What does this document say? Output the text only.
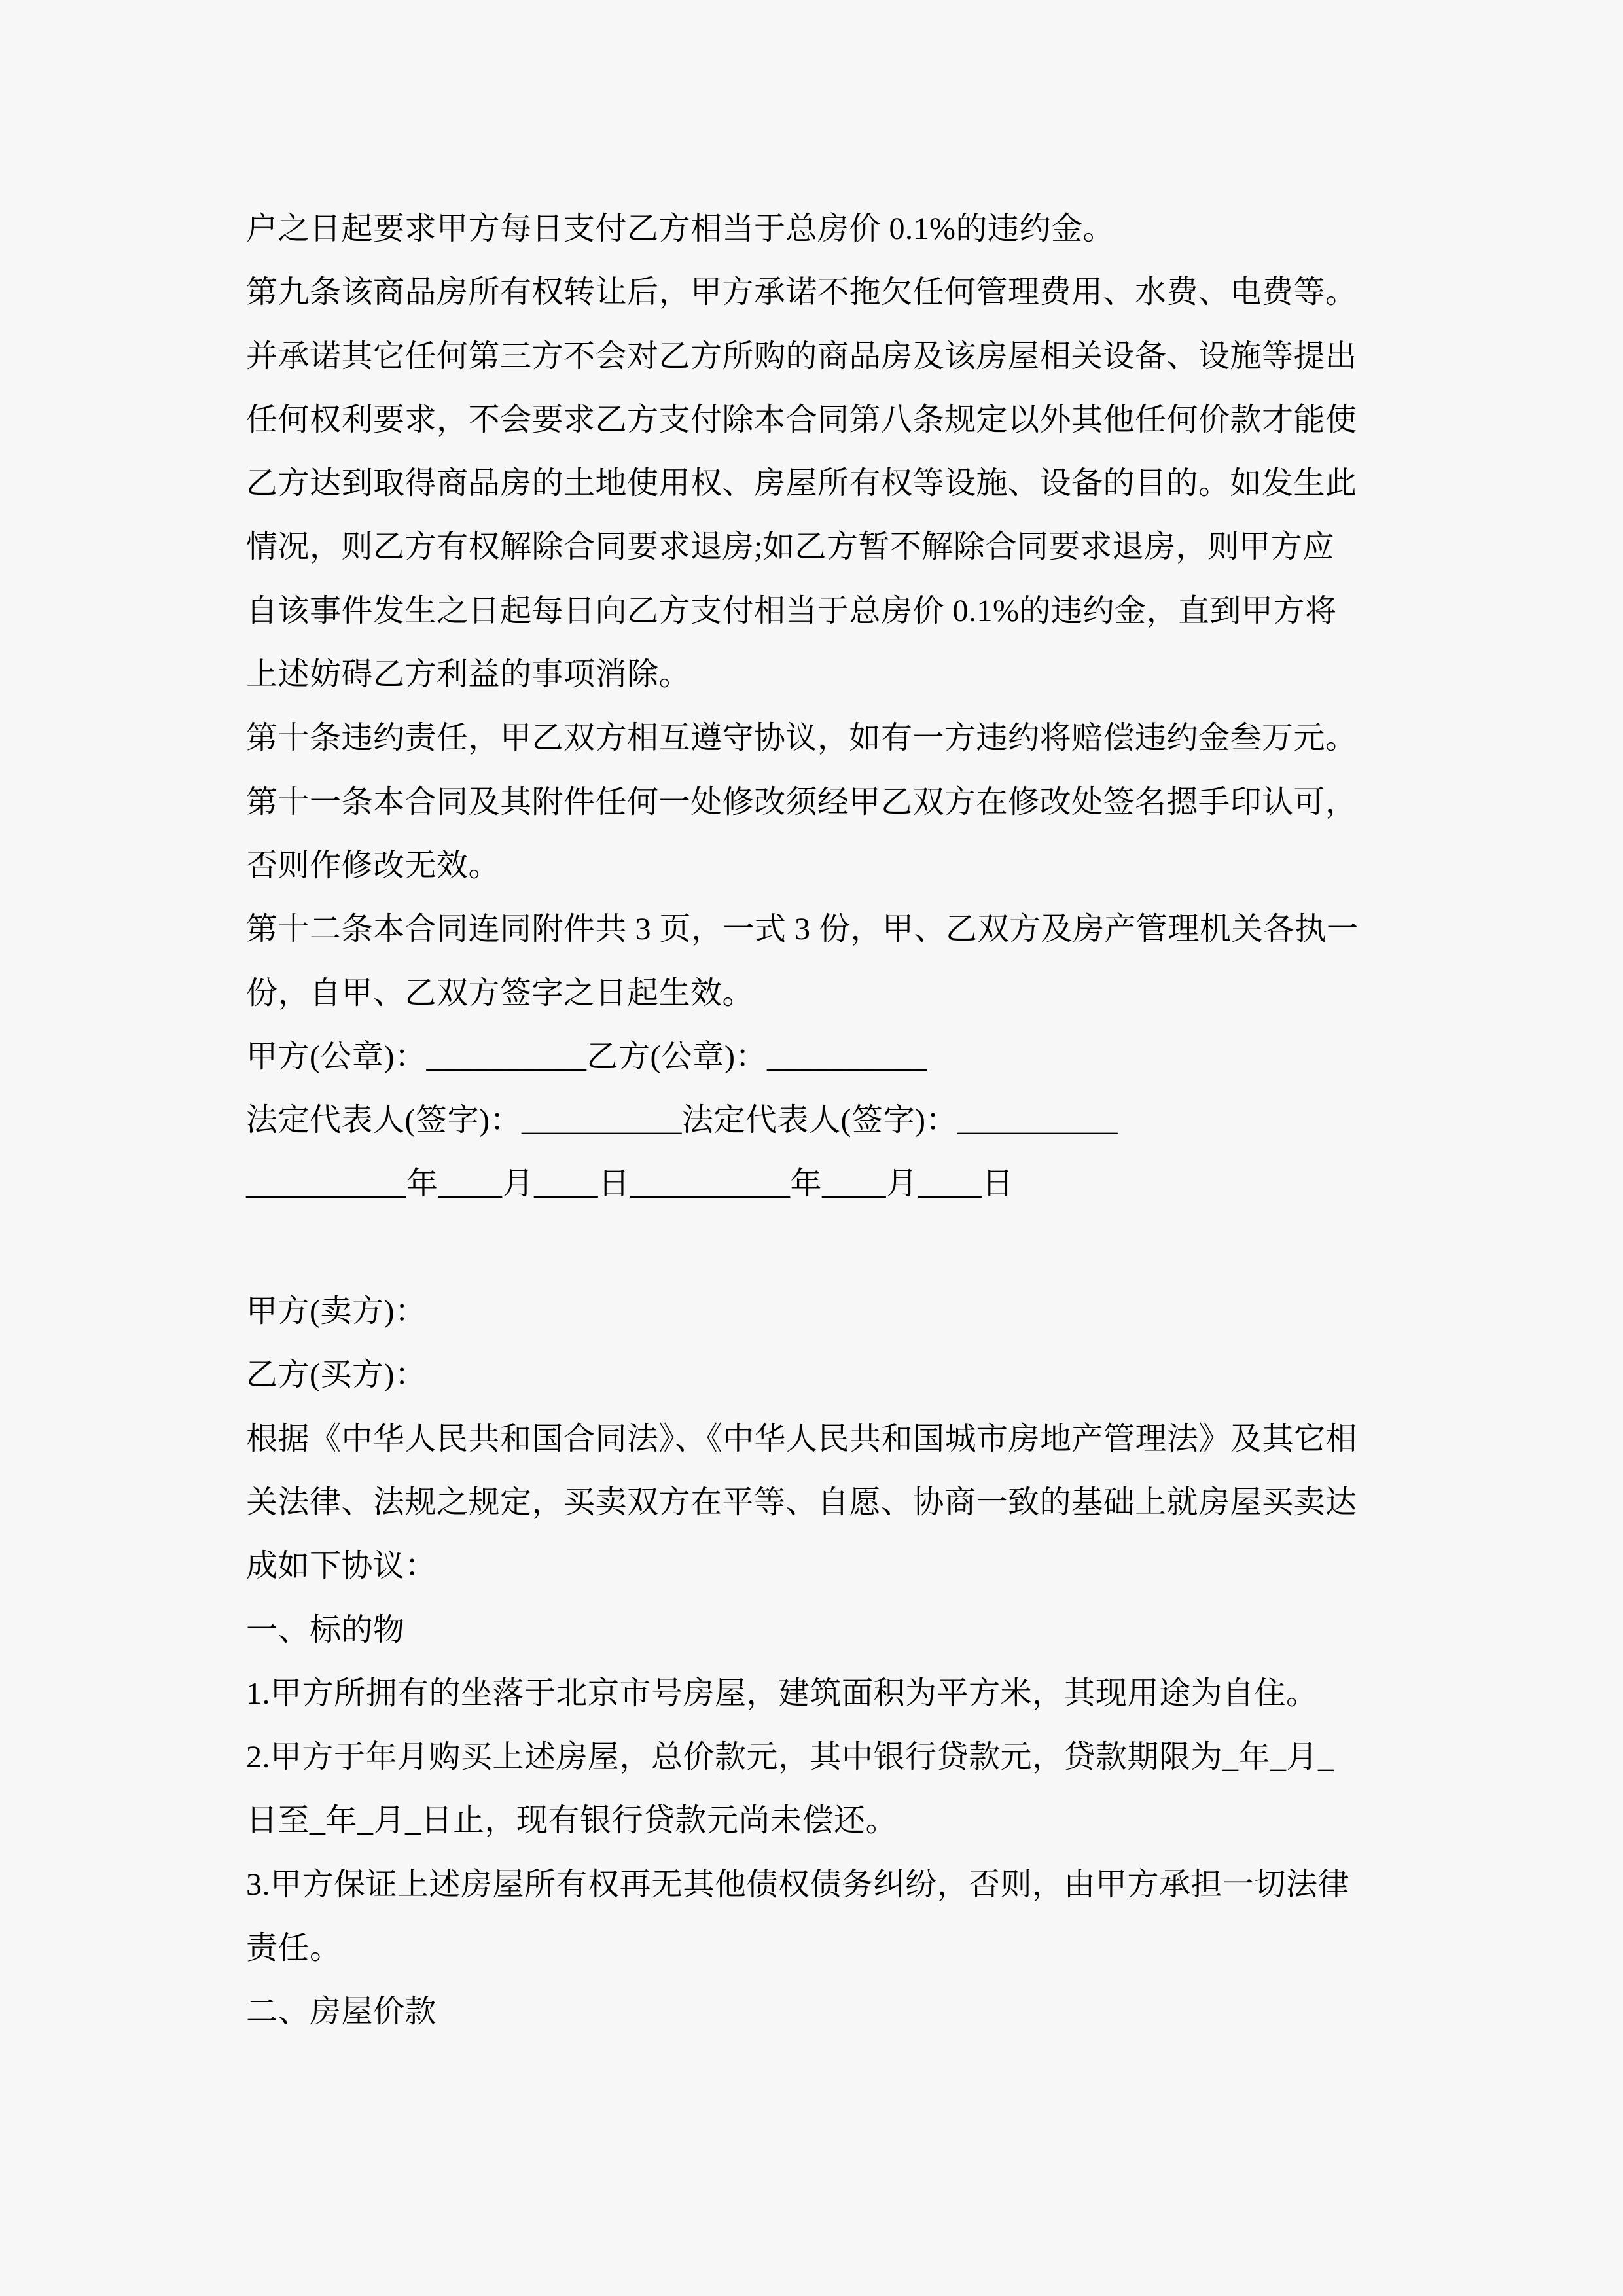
户之日起要求甲方每日支付乙方相当于总房价 0.1%的违约金。
第九条该商品房所有权转让后，甲方承诺不拖欠任何管理费用、水费、电费等。
并承诺其它任何第三方不会对乙方所购的商品房及该房屋相关设备、设施等提出
任何权利要求，不会要求乙方支付除本合同第八条规定以外其他任何价款才能使
乙方达到取得商品房的土地使用权、房屋所有权等设施、设备的目的。如发生此
情况，则乙方有权解除合同要求退房;如乙方暂不解除合同要求退房，则甲方应
自该事件发生之日起每日向乙方支付相当于总房价 0.1%的违约金，直到甲方将
上述妨碍乙方利益的事项消除。
第十条违约责任，甲乙双方相互遵守协议，如有一方违约将赔偿违约金叁万元。
第十一条本合同及其附件任何一处修改须经甲乙双方在修改处签名摁手印认可，
否则作修改无效。
第十二条本合同连同附件共 3 页，一式 3 份，甲、乙双方及房产管理机关各执一
份，自甲、乙双方签字之日起生效。
甲方(公章)：__________乙方(公章)：__________
法定代表人(签字)：__________法定代表人(签字)：__________
__________年____月____日__________年____月____日
甲方(卖方)：
乙方(买方)：
根据《中华人民共和国合同法》、《中华人民共和国城市房地产管理法》及其它相
关法律、法规之规定，买卖双方在平等、自愿、协商一致的基础上就房屋买卖达
成如下协议：
一、标的物
1.甲方所拥有的坐落于北京市号房屋，建筑面积为平方米，其现用途为自住。
2.甲方于年月购买上述房屋，总价款元，其中银行贷款元，贷款期限为_年_月_
日至_年_月_日止，现有银行贷款元尚未偿还。
3.甲方保证上述房屋所有权再无其他债权债务纠纷，否则，由甲方承担一切法律
责任。
二、房屋价款
